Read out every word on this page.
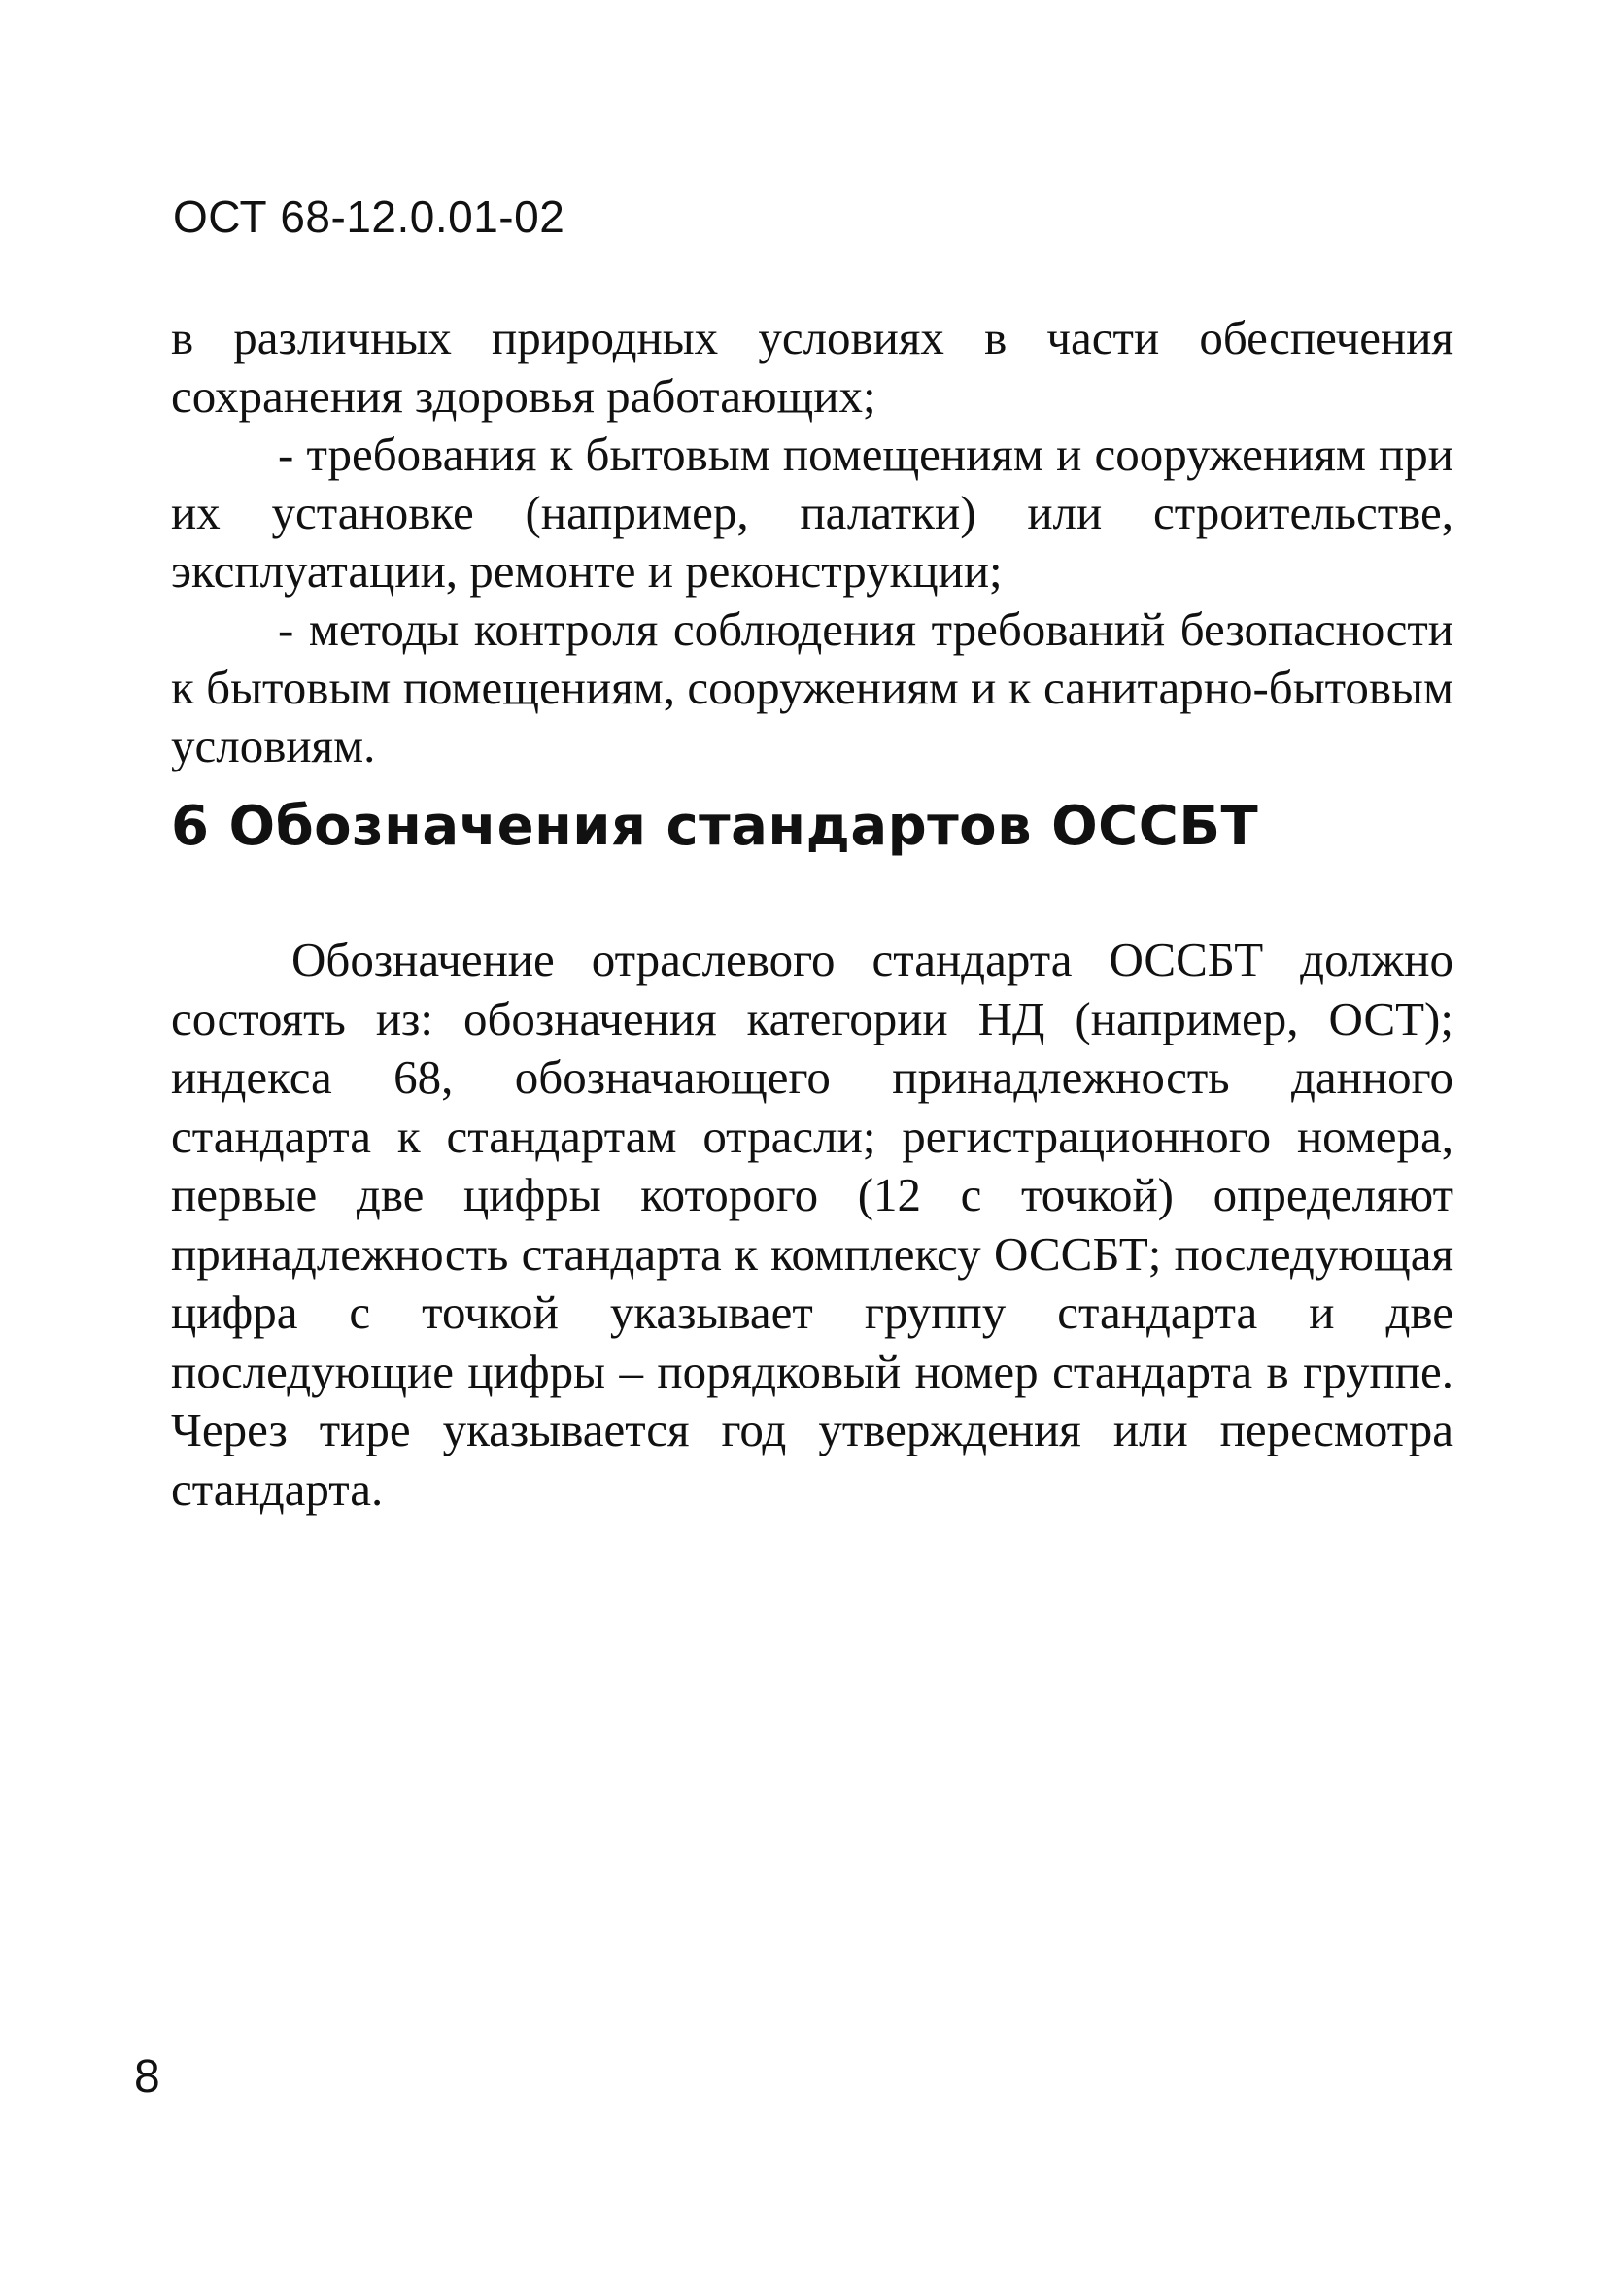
ОСТ 68-12.0.01-02

в различных природных условиях в части обеспечения сохранения здоровья работающих;

- требования к бытовым помещениям и сооружениям при их установке (например, палатки) или строительстве, эксплуатации, ремонте и реконструкции;

- методы контроля соблюдения требований безопасности к бытовым помещениям, сооружениям и к санитарно-бытовым условиям.

6 Обозначения стандартов ОССБТ

Обозначение отраслевого стандарта ОССБТ должно состоять из: обозначения категории НД (например, ОСТ); индекса 68, обозначающего принадлежность данного стандарта к стандартам отрасли; регистрационного номера, первые две цифры которого (12 с точкой) определяют принадлежность стандарта к комплексу ОССБТ; последующая цифра с точкой указывает группу стандарта и две последующие цифры – порядковый номер стандарта в группе. Через тире указывается год утверждения или пересмотра стандарта.

8
